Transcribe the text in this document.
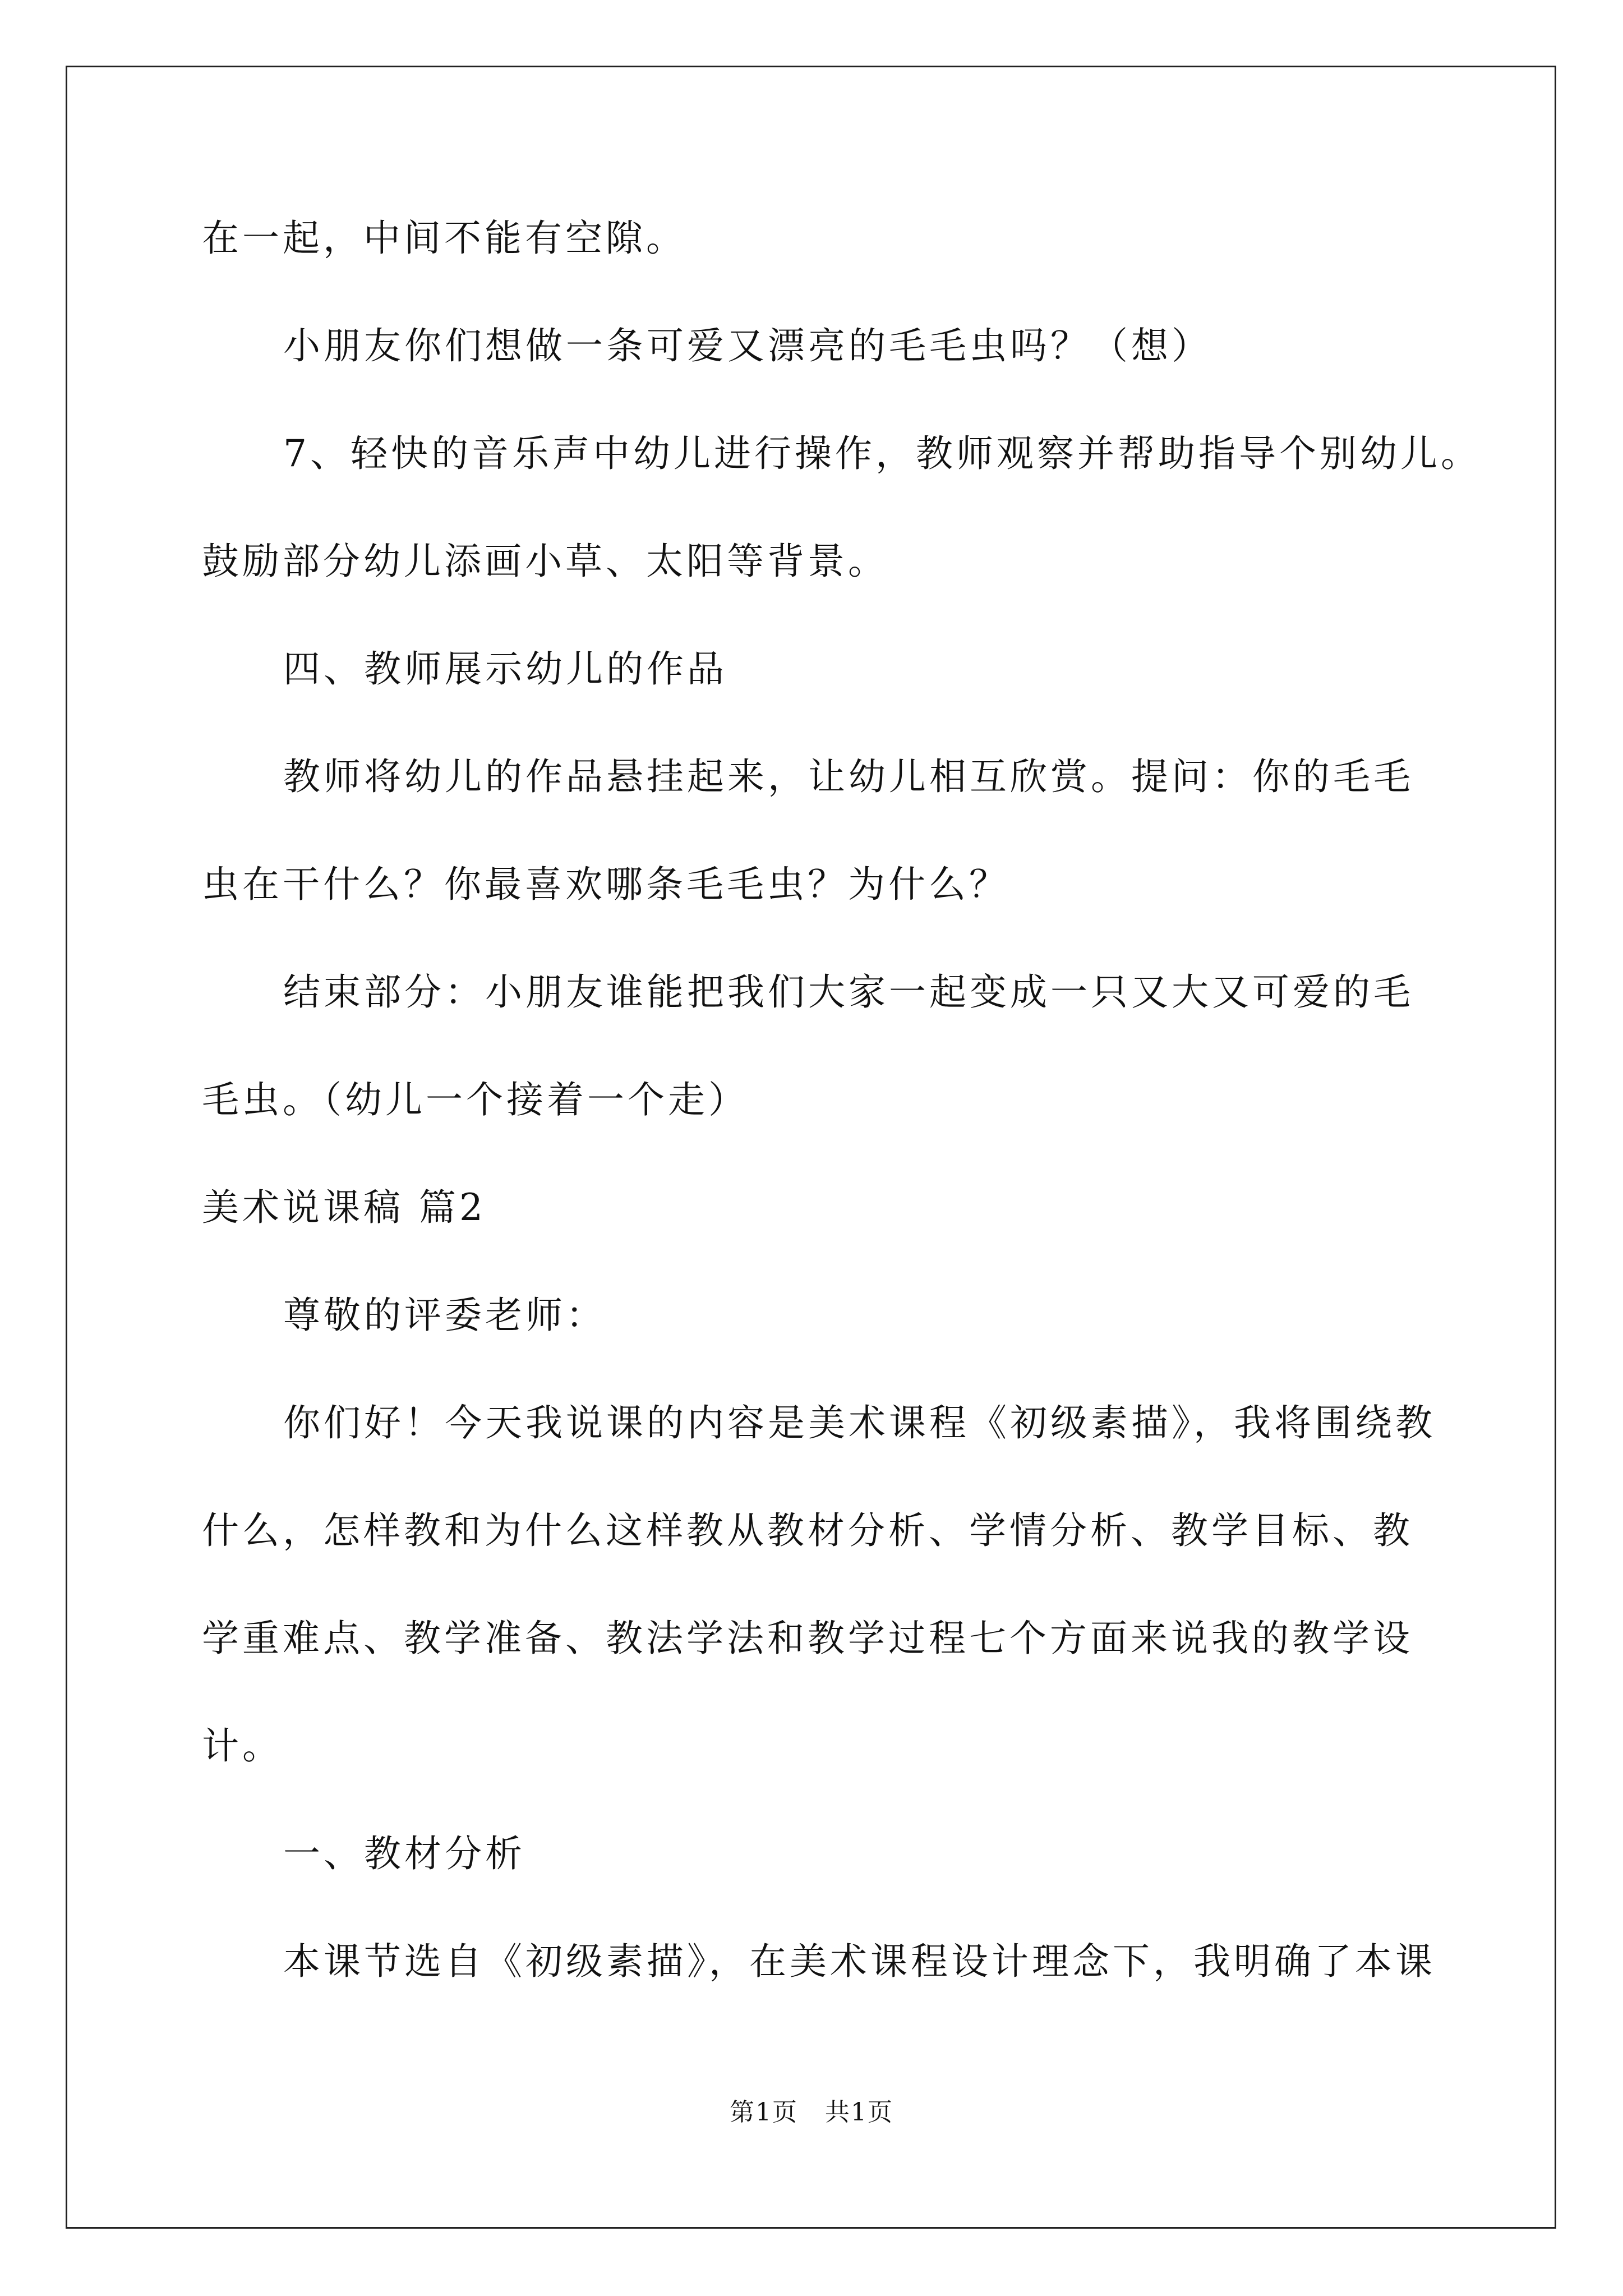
在一起，中间不能有空隙。
小朋友你们想做一条可爱又漂亮的毛毛虫吗？（想）
7、轻快的音乐声中幼儿进行操作，教师观察并帮助指导个别幼儿。
鼓励部分幼儿添画小草、太阳等背景。
四、教师展示幼儿的作品
教师将幼儿的作品悬挂起来，让幼儿相互欣赏。提问：你的毛毛
虫在干什么？你最喜欢哪条毛毛虫？为什么？
结束部分：小朋友谁能把我们大家一起变成一只又大又可爱的毛
毛虫。（幼儿一个接着一个走）
美术说课稿 篇2
尊敬的评委老师：
你们好！今天我说课的内容是美术课程《初级素描》，我将围绕教
什么，怎样教和为什么这样教从教材分析、学情分析、教学目标、教
学重难点、教学准备、教法学法和教学过程七个方面来说我的教学设
计。
第1页 共1页
一、教材分析
本课节选自《初级素描》，在美术课程设计理念下，我明确了本课
